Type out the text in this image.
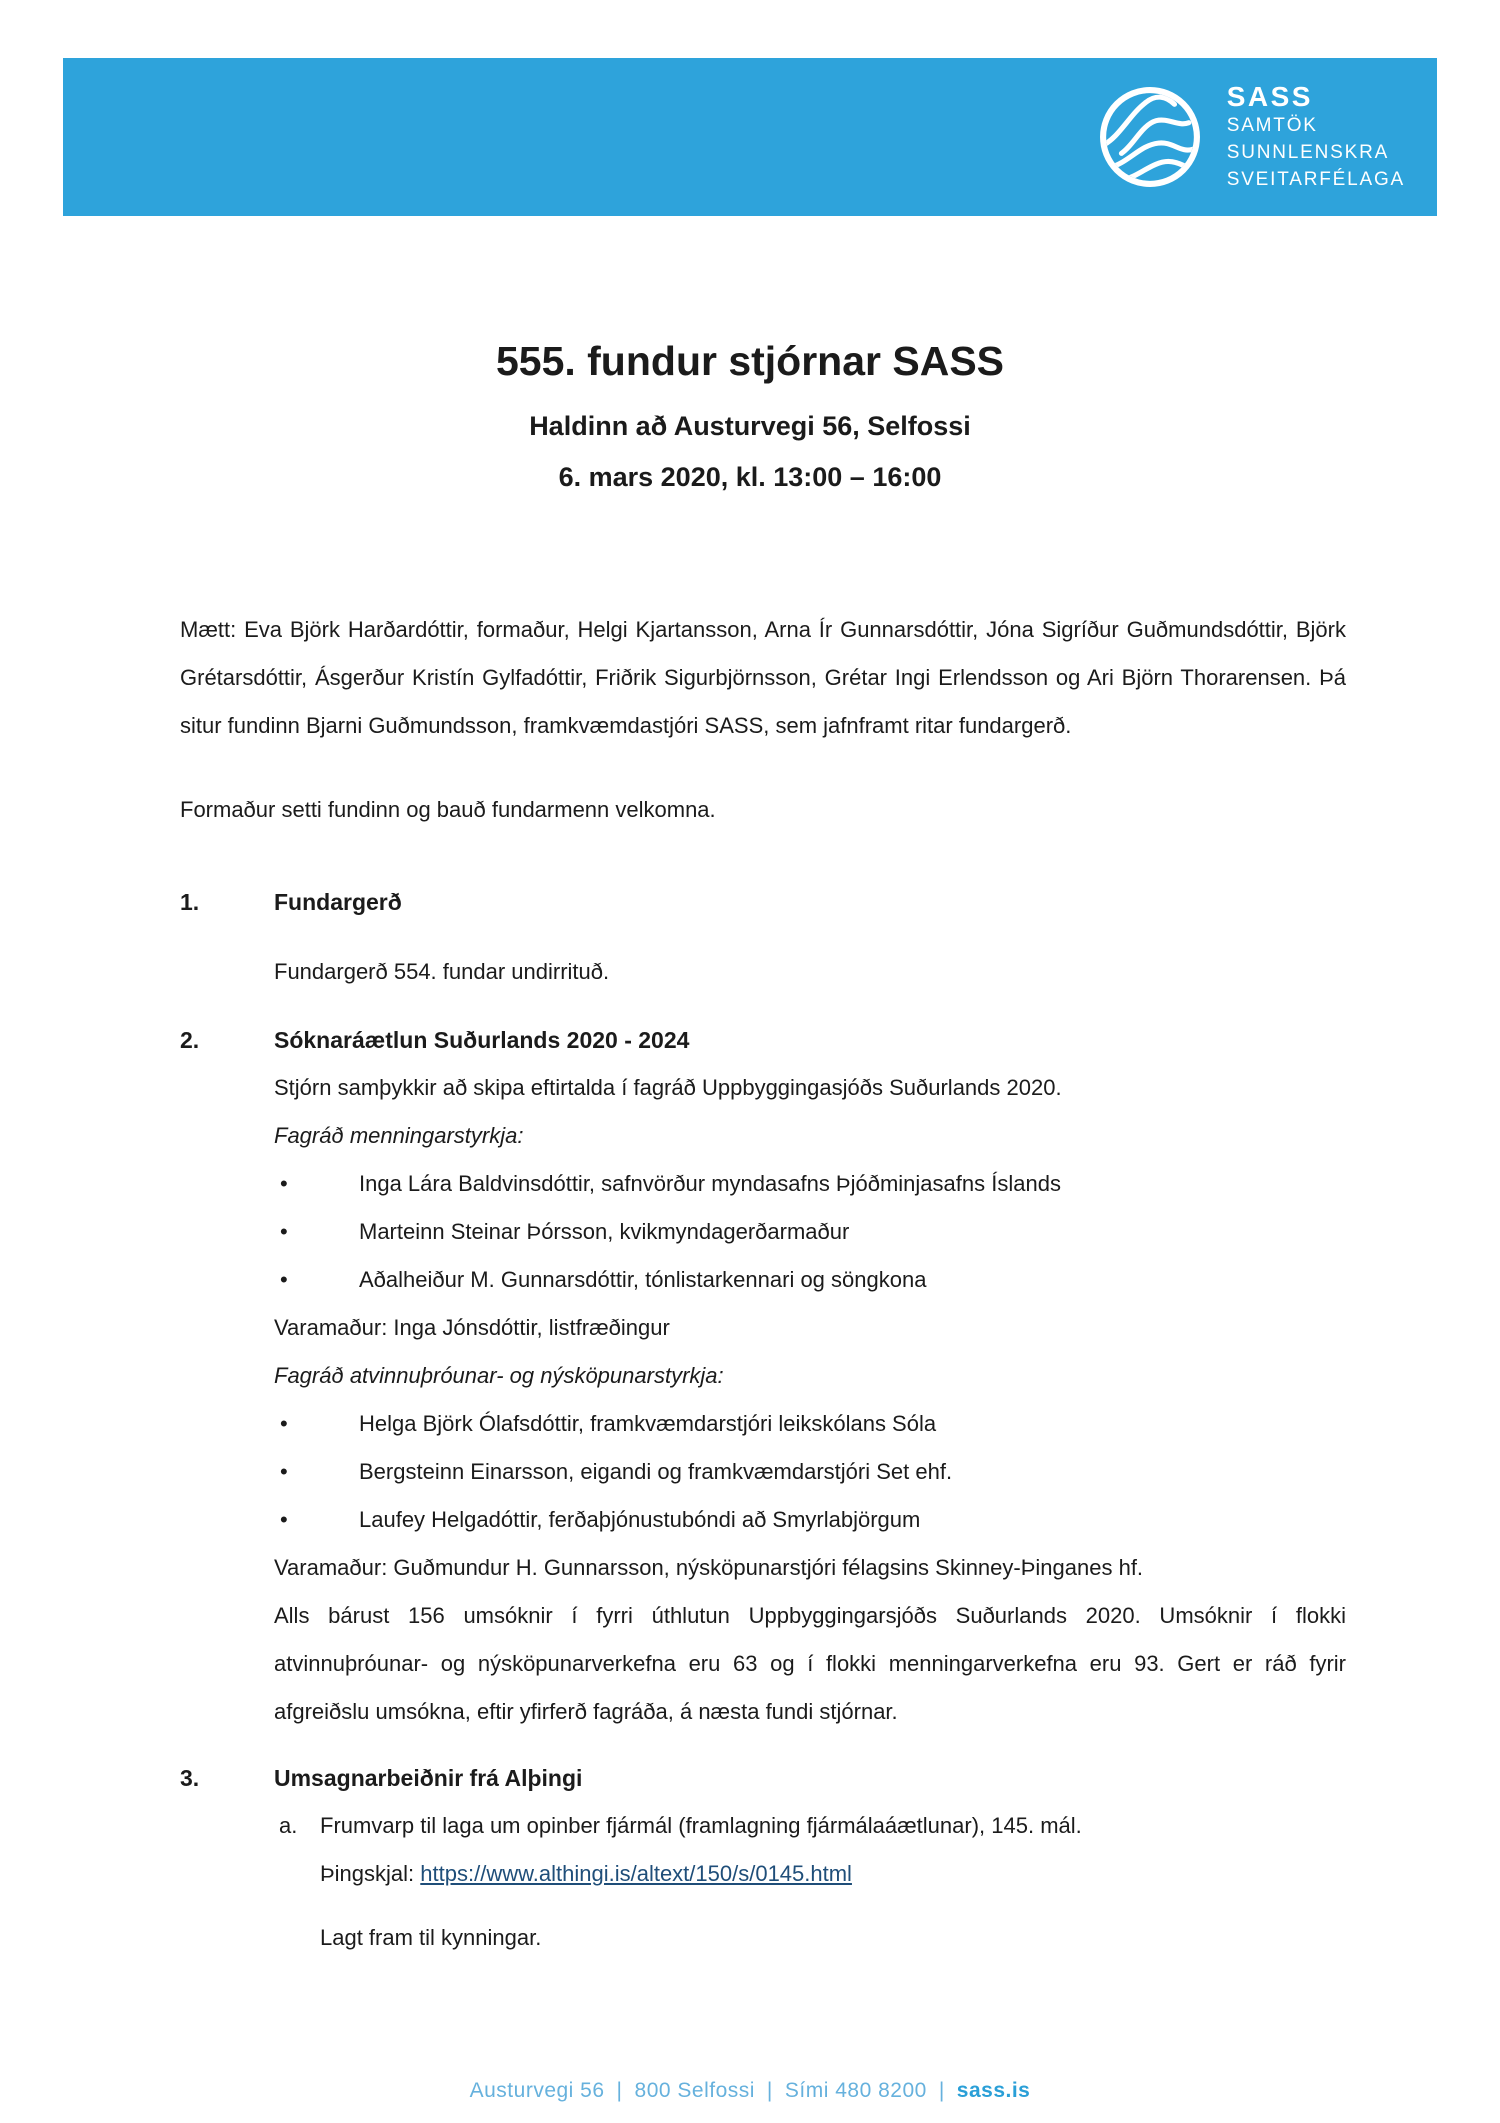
SASS
SAMTÖK
SUNNLENSKRA
SVEITARFÉLAGA
555. fundur stjórnar SASS
Haldinn að Austurvegi 56, Selfossi
6. mars 2020, kl. 13:00 – 16:00

Mætt: Eva Björk Harðardóttir, formaður, Helgi Kjartansson, Arna Ír Gunnarsdóttir, Jóna Sigríður Guðmundsdóttir, Björk Grétarsdóttir, Ásgerður Kristín Gylfadóttir, Friðrik Sigurbjörnsson, Grétar Ingi Erlendsson og Ari Björn Thorarensen. Þá situr fundinn Bjarni Guðmundsson, framkvæmdastjóri SASS, sem jafnframt ritar fundargerð.

Formaður setti fundinn og bauð fundarmenn velkomna.

1.	Fundargerð

Fundargerð 554. fundar undirrituð.

2.	Sóknaráætlun Suðurlands 2020 - 2024

Stjórn samþykkir að skipa eftirtalda í fagráð Uppbyggingasjóðs Suðurlands 2020.

Fagráð menningarstyrkja:

•	Inga Lára Baldvinsdóttir, safnvörður myndasafns Þjóðminjasafns Íslands
•	Marteinn Steinar Þórsson, kvikmyndagerðarmaður
•	Aðalheiður M. Gunnarsdóttir, tónlistarkennari og söngkona

Varamaður: Inga Jónsdóttir, listfræðingur

Fagráð atvinnuþróunar- og nýsköpunarstyrkja:

•	Helga Björk Ólafsdóttir, framkvæmdarstjóri leikskólans Sóla
•	Bergsteinn Einarsson, eigandi og framkvæmdarstjóri Set ehf.
•	Laufey Helgadóttir, ferðaþjónustubóndi að Smyrlabjörgum

Varamaður: Guðmundur H. Gunnarsson, nýsköpunarstjóri félagsins Skinney-Þinganes hf.

Alls bárust 156 umsóknir í fyrri úthlutun Uppbyggingarsjóðs Suðurlands 2020. Umsóknir í flokki atvinnuþróunar- og nýsköpunarverkefna eru 63 og í flokki menningarverkefna eru 93. Gert er ráð fyrir afgreiðslu umsókna, eftir yfirferð fagráða, á næsta fundi stjórnar.

3.	Umsagnarbeiðnir frá Alþingi
a.	Frumvarp til laga um opinber fjármál (framlagning fjármálaáætlunar), 145. mál.
Þingskjal: https://www.althingi.is/altext/150/s/0145.html

Lagt fram til kynningar.

Austurvegi 56 | 800 Selfossi | Sími 480 8200 | sass.is
